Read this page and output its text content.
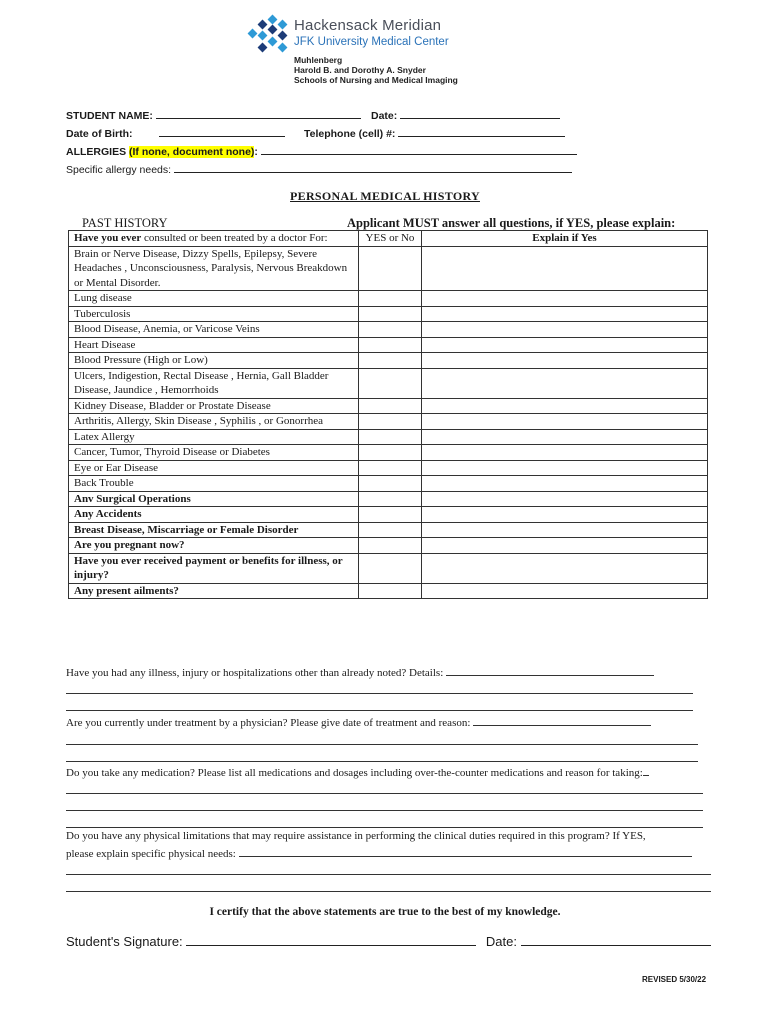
Hackensack Meridian
JFK University Medical Center
Muhlenberg
Harold B. and Dorothy A. Snyder
Schools of Nursing and Medical Imaging
STUDENT NAME:	Date:
Date of Birth:	Telephone (cell) #:
ALLERGIES (If none, document none):
Specific allergy needs:
PERSONAL MEDICAL HISTORY
PAST HISTORY	Applicant MUST answer all questions, if YES, please explain:
Have you ever consulted or been treated by a doctor For:	YES or No	Explain if Yes
Brain or Nerve Disease, Dizzy Spells, Epilepsy, Severe Headaches , Unconsciousness, Paralysis, Nervous Breakdown or Mental Disorder.		
Lung disease		
Tuberculosis		
Blood Disease, Anemia, or Varicose Veins		
Heart Disease		
Blood Pressure (High or Low)		
Ulcers, Indigestion, Rectal Disease , Hernia, Gall Bladder Disease, Jaundice , Hemorrhoids		
Kidney Disease, Bladder or Prostate Disease		
Arthritis, Allergy, Skin Disease , Syphilis , or Gonorrhea		
Latex Allergy		
Cancer, Tumor, Thyroid Disease or Diabetes		
Eye or Ear Disease		
Back Trouble		
Anv Surgical Operations		
Any Accidents		
Breast Disease, Miscarriage or Female Disorder		
Are you pregnant now?		
Have you ever received payment or benefits for illness, or injury?		
Any present ailments?		
Have you had any illness, injury or hospitalizations other than already noted? Details:
Are you currently under treatment by a physician? Please give date of treatment and reason:
Do you take any medication? Please list all medications and dosages including over-the-counter medications and reason for taking:
Do you have any physical limitations that may require assistance in performing the clinical duties required in this program? If YES,
please explain specific physical needs:
I certify that the above statements are true to the best of my knowledge.
Student's Signature:	Date:
REVISED 5/30/22
